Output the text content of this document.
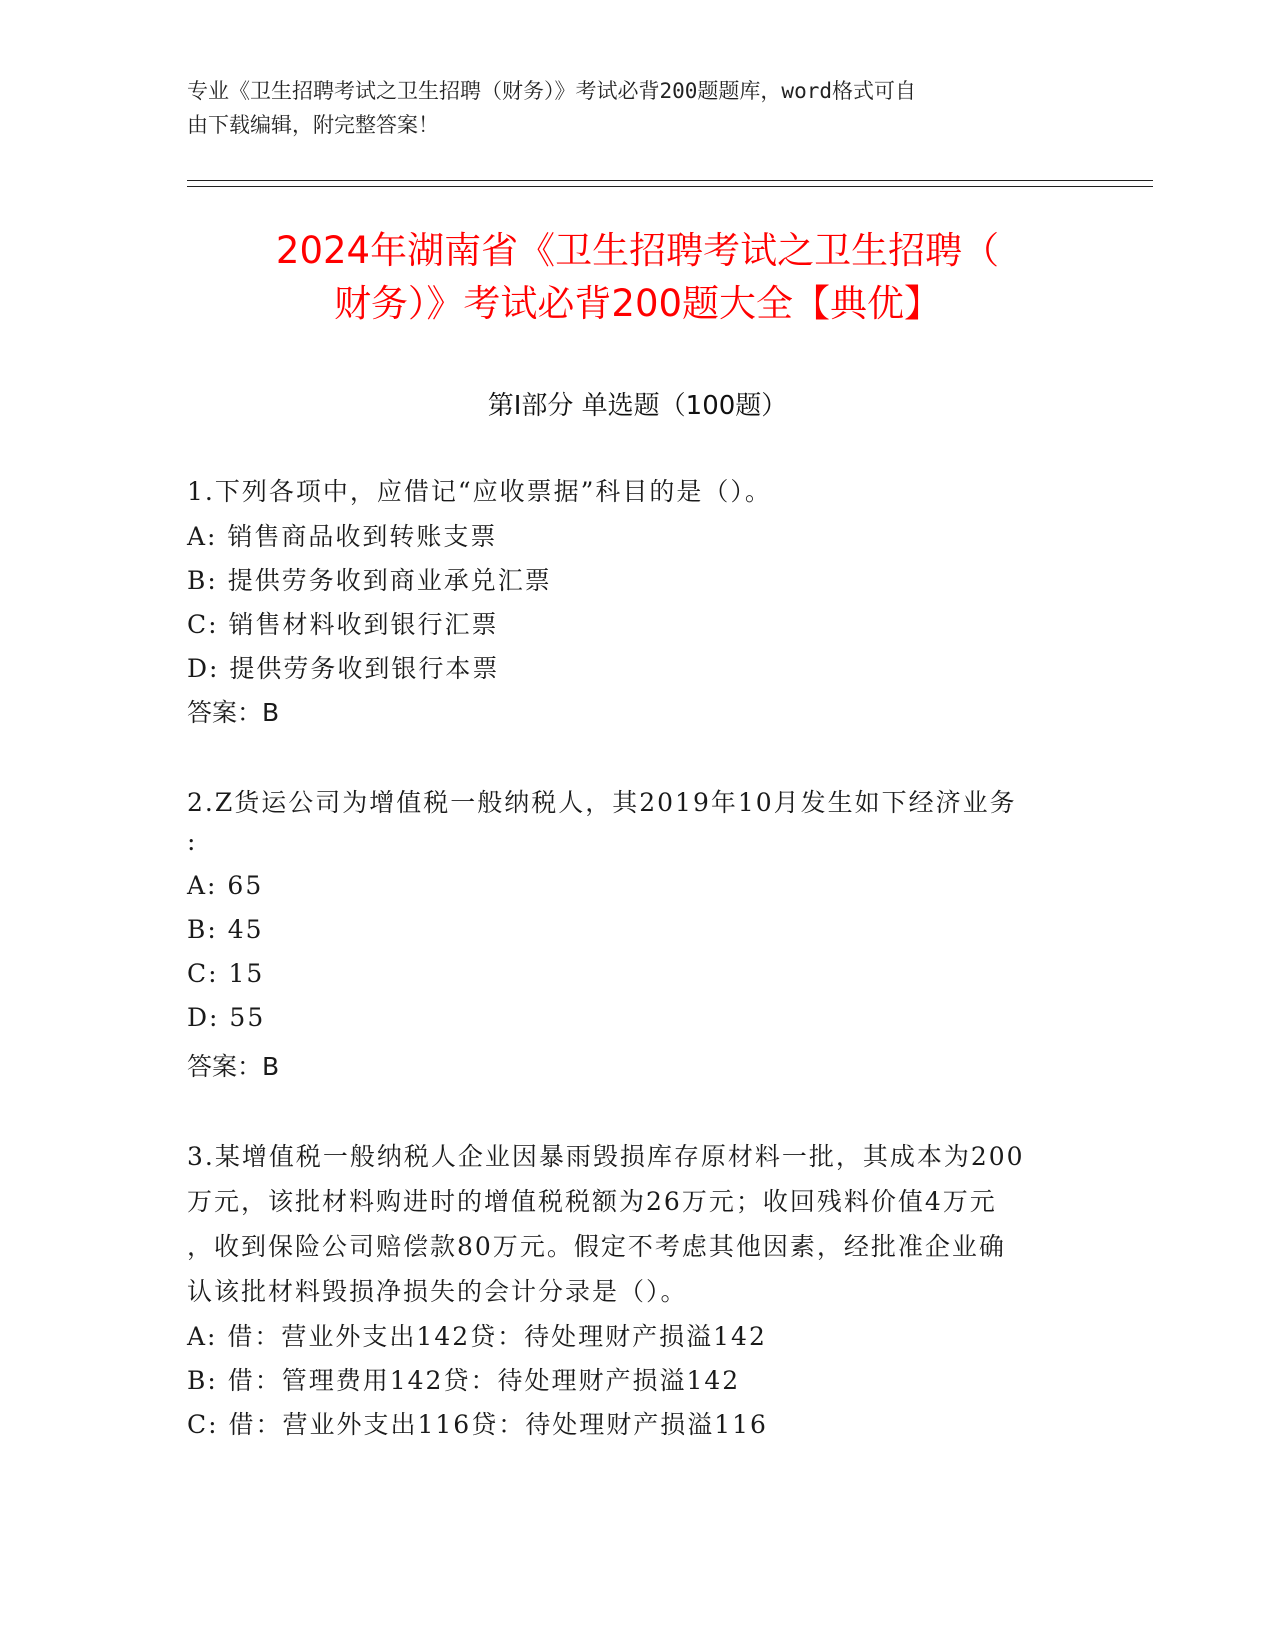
专业《卫生招聘考试之卫生招聘（财务）》考试必背200题题库，word格式可自
由下载编辑，附完整答案！
2024年湖南省《卫生招聘考试之卫生招聘（
财务）》考试必背200题大全【典优】
第I部分 单选题（100题）
1.下列各项中，应借记“应收票据”科目的是（）。
A: 销售商品收到转账支票
B: 提供劳务收到商业承兑汇票
C: 销售材料收到银行汇票
D: 提供劳务收到银行本票
答案：B
2.Z货运公司为增值税一般纳税人，其2019年10月发生如下经济业务
:
A: 65
B: 45
C: 15
D: 55
答案：B
3.某增值税一般纳税人企业因暴雨毁损库存原材料一批，其成本为200
万元，该批材料购进时的增值税税额为26万元；收回残料价值4万元
，收到保险公司赔偿款80万元。假定不考虑其他因素，经批准企业确
认该批材料毁损净损失的会计分录是（）。
A: 借：营业外支出142贷：待处理财产损溢142
B: 借：管理费用142贷：待处理财产损溢142
C: 借：营业外支出116贷：待处理财产损溢116
